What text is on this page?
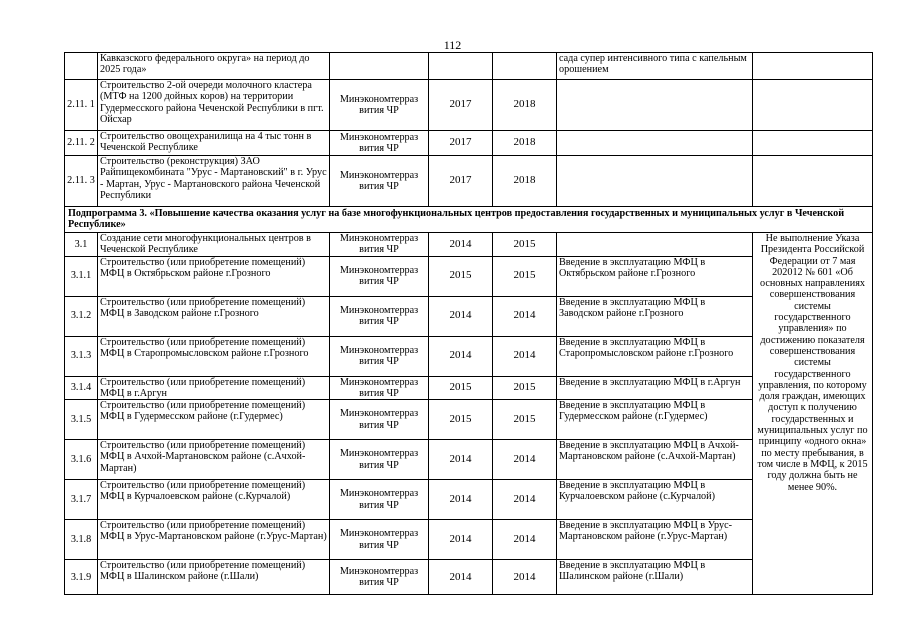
112
	Кавказского федерального округа» на период до 2025 года»				сада супер интенсивного типа с капельным орошением	
2.11. 1	Строительство 2-ой очереди молочного кластера (МТФ на 1200 дойных коров) на территории Гудермесского района Чеченской Республики в пгт. Ойсхар	Минэкономтерраз вития ЧР	2017	2018		
2.11. 2	Строительство овощехранилища на 4 тыс тонн в Чеченской Республике	Минэкономтерраз вития ЧР	2017	2018		
2.11. 3	Строительство (реконструкция) ЗАО Райпищекомбината "Урус - Мартановский" в г. Урус - Мартан, Урус - Мартановского района Чеченской Республики	Минэкономтерраз вития ЧР	2017	2018		
Подпрограмма 3. «Повышение качества оказания услуг на базе многофункциональных центров предоставления государственных и муниципальных услуг в Чеченской Республике»						
3.1	Создание сети многофункциональных центров в Чеченской Республике	Минэкономтерраз вития ЧР	2014	2015		Не выполнение Указа Президента Российской Федерации от 7 мая 202012 № 601 «Об основных направлениях совершенствования системы государственного управления» по достижению показателя совершенствования системы государственного управления, по которому доля граждан, имеющих доступ к получению государственных и муниципальных услуг по принципу «одного окна» по месту пребывания, в том числе в МФЦ, к 2015 году должна быть не менее 90%.
3.1.1	Строительство (или приобретение помещений) МФЦ в Октябрьском районе г.Грозного	Минэкономтерраз вития ЧР	2015	2015	Введение в эксплуатацию МФЦ в Октябрьском районе г.Грозного	
3.1.2	Строительство (или приобретение помещений) МФЦ в Заводском районе г.Грозного	Минэкономтерраз вития ЧР	2014	2014	Введение в эксплуатацию МФЦ в Заводском районе г.Грозного	
3.1.3	Строительство (или приобретение помещений) МФЦ в Старопромысловском районе г.Грозного	Минэкономтерраз вития ЧР	2014	2014	Введение в эксплуатацию МФЦ в Старопромысловском районе г.Грозного	
3.1.4	Строительство (или приобретение помещений) МФЦ в г.Аргун	Минэкономтерраз вития ЧР	2015	2015	Введение в эксплуатацию МФЦ в г.Аргун	
3.1.5	Строительство (или приобретение помещений) МФЦ в Гудермесском районе (г.Гудермес)	Минэкономтерраз вития ЧР	2015	2015	Введение в эксплуатацию МФЦ в Гудермесском районе (г.Гудермес)	
3.1.6	Строительство (или приобретение помещений) МФЦ в Ачхой-Мартановском районе (с.Ачхой-Мартан)	Минэкономтерраз вития ЧР	2014	2014	Введение в эксплуатацию МФЦ в Ачхой-Мартановском районе (с.Ачхой-Мартан)	
3.1.7	Строительство (или приобретение помещений) МФЦ в Курчалоевском районе (с.Курчалой)	Минэкономтерраз вития ЧР	2014	2014	Введение в эксплуатацию МФЦ в Курчалоевском районе (с.Курчалой)	
3.1.8	Строительство (или приобретение помещений) МФЦ в Урус-Мартановском районе (г.Урус-Мартан)	Минэкономтерраз вития ЧР	2014	2014	Введение в эксплуатацию МФЦ в Урус-Мартановском районе (г.Урус-Мартан)	
3.1.9	Строительство (или приобретение помещений) МФЦ в Шалинском районе (г.Шали)	Минэкономтерраз вития ЧР	2014	2014	Введение в эксплуатацию МФЦ в Шалинском районе (г.Шали)	
